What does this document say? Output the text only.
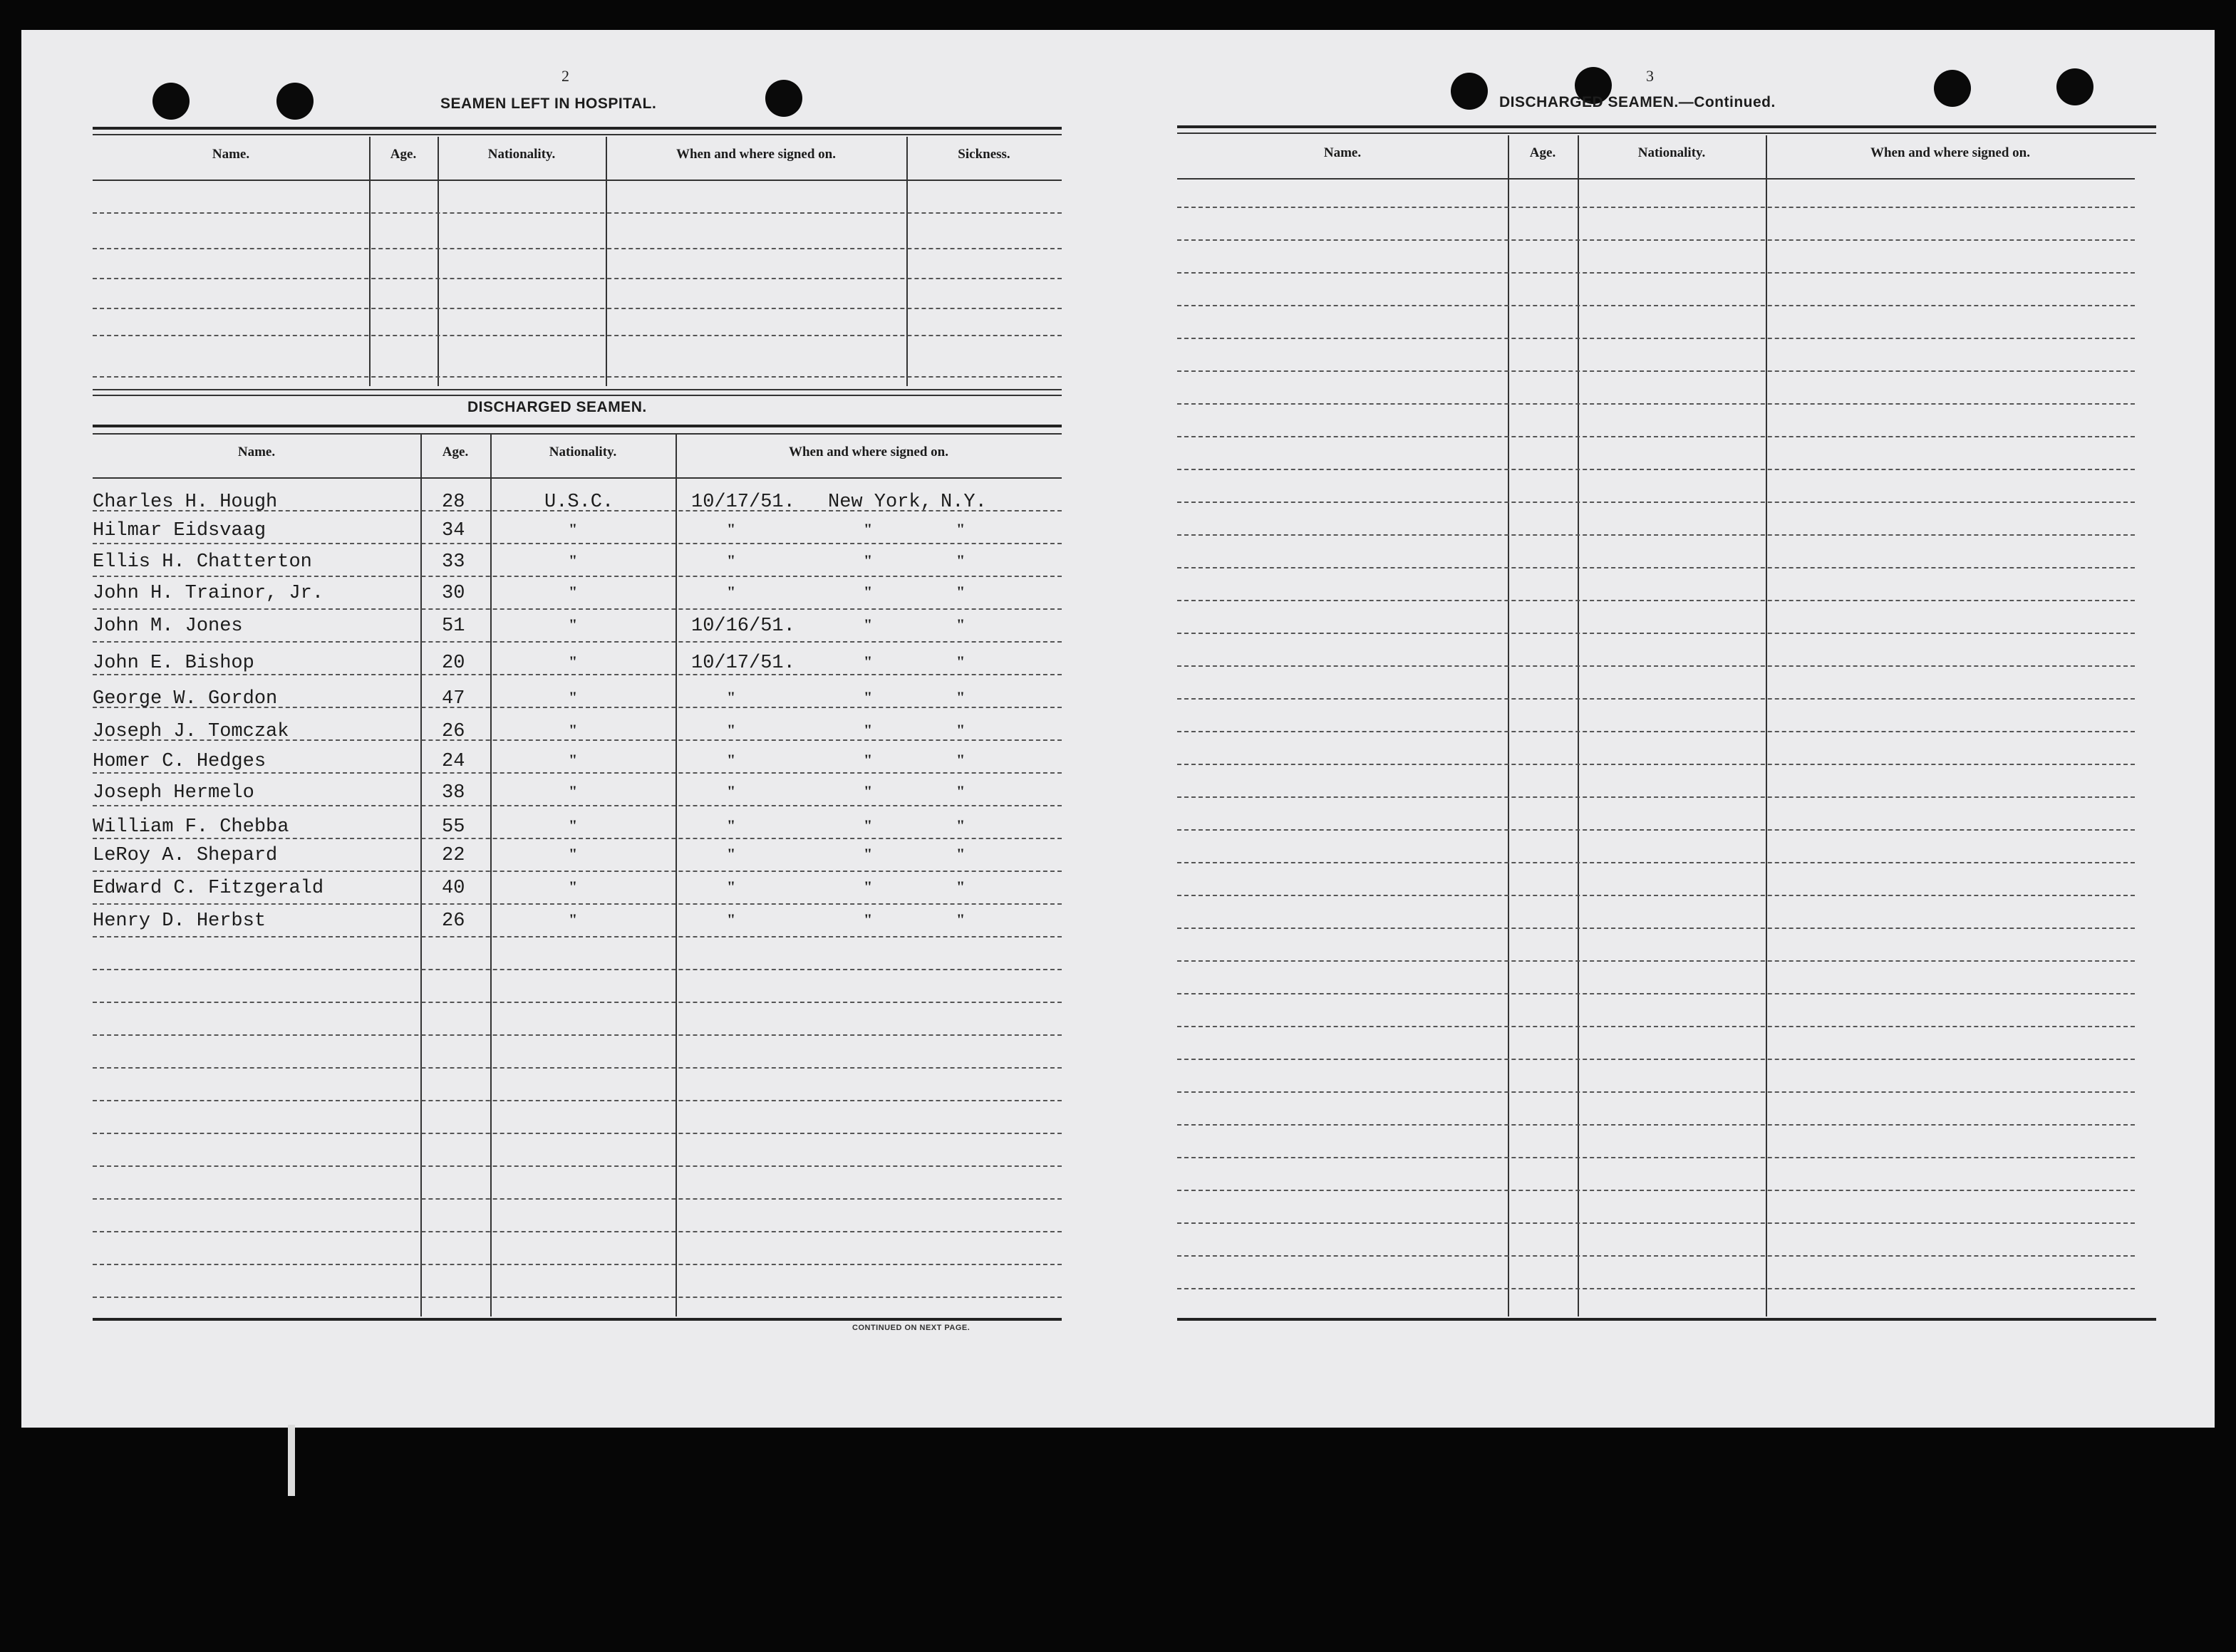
2
SEAMEN LEFT IN HOSPITAL.
Name.	Age.	Nationality.	When and where signed on.	Sickness.
DISCHARGED SEAMEN.
Name.	Age.	Nationality.	When and where signed on.
Charles H. Hough	28	U.S.C.	10/17/51. New York, N.Y.
Hilmar Eidsvaag	34	"	"	"	"
Ellis H. Chatterton	33	"	"	"	"
John H. Trainor, Jr.	30	"	"	"	"
John M. Jones	51	"	10/16/51.	"	"
John E. Bishop	20	"	10/17/51.	"	"
George W. Gordon	47	"	"	"	"
Joseph J. Tomczak	26	"	"	"	"
Homer C. Hedges	24	"	"	"	"
Joseph Hermelo	38	"	"	"	"
William F. Chebba	55	"	"	"	"
LeRoy A. Shepard	22	"	"	"	"
Edward C. Fitzgerald	40	"	"	"	"
Henry D. Herbst	26	"	"	"	"
CONTINUED ON NEXT PAGE.
3
DISCHARGED SEAMEN.—Continued.
Name.	Age.	Nationality.	When and where signed on.
